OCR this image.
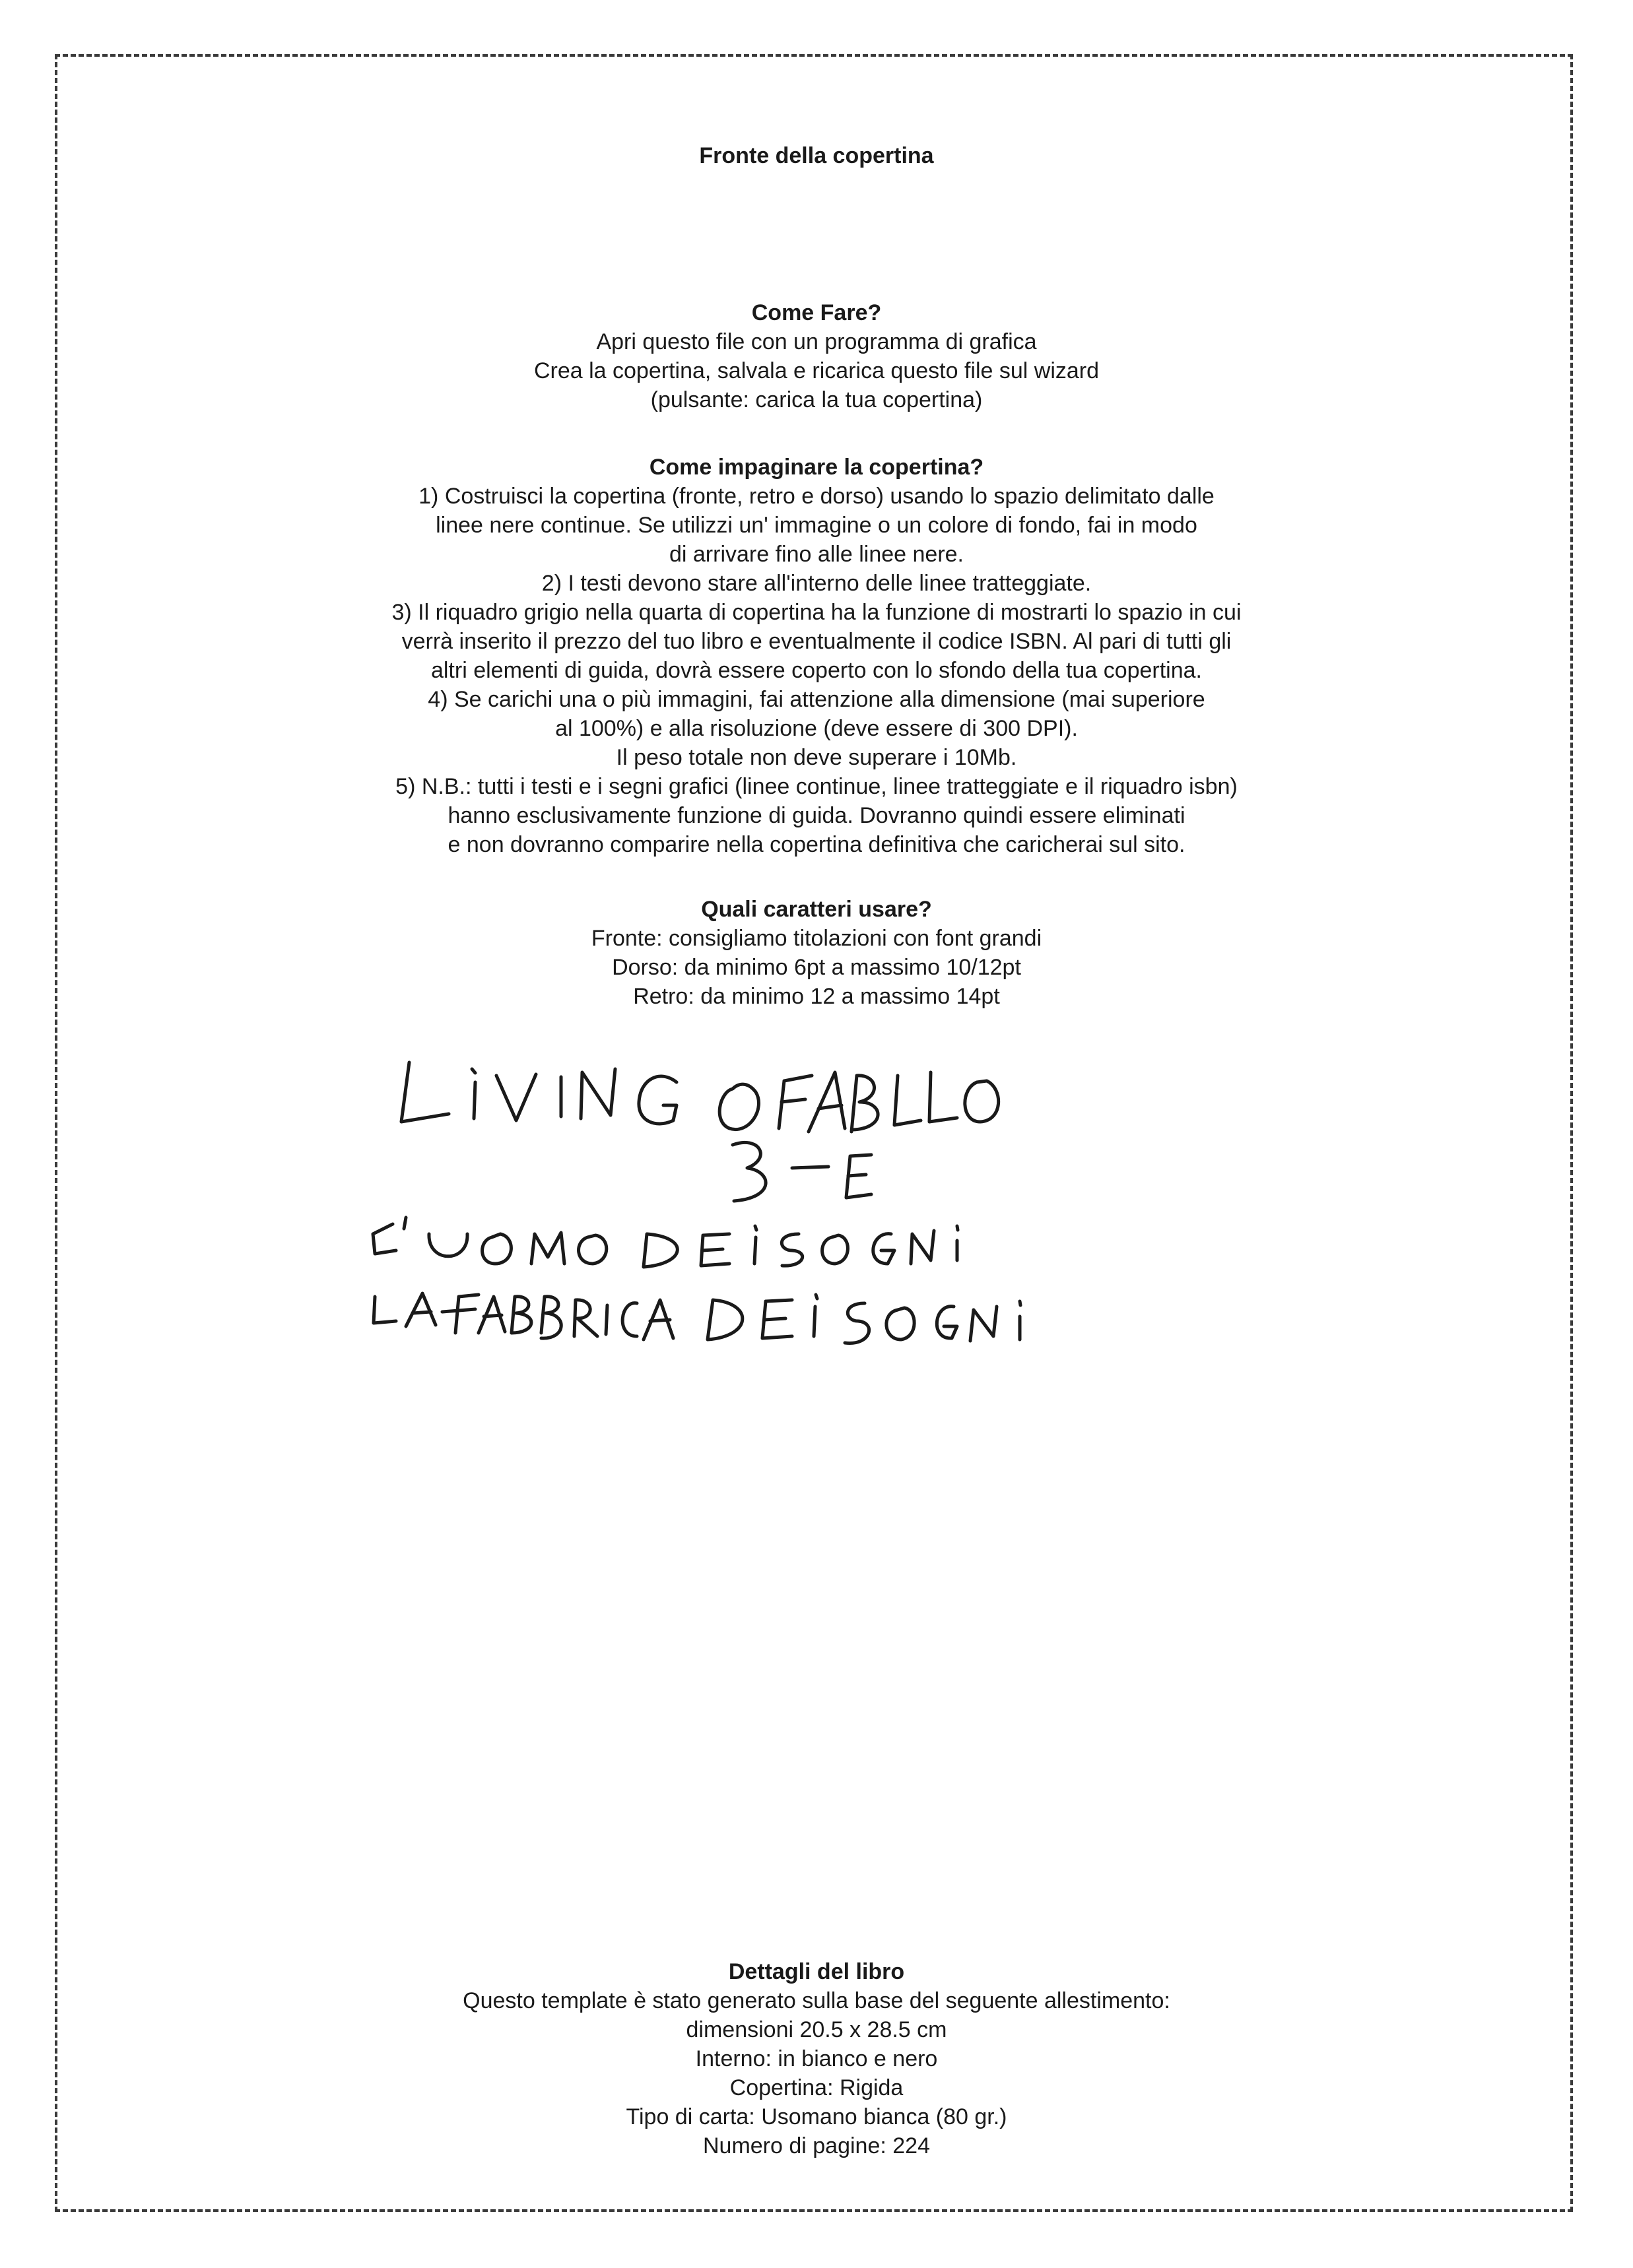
Fronte della copertina
Come Fare?
Apri questo file con un programma di grafica
Crea la copertina, salvala e ricarica questo file sul wizard
(pulsante: carica la tua copertina)
Come impaginare la copertina?
1) Costruisci la copertina (fronte, retro e dorso) usando lo spazio delimitato dalle
linee nere continue. Se utilizzi un' immagine o un colore di fondo, fai in modo
di arrivare fino alle linee nere.
2) I testi devono stare all'interno delle linee tratteggiate.
3) Il riquadro grigio nella quarta di copertina ha la funzione di mostrarti lo spazio in cui
verrà inserito il prezzo del tuo libro e eventualmente il codice ISBN. Al pari di tutti gli
altri elementi di guida, dovrà essere coperto con lo sfondo della tua copertina.
4) Se carichi una o più immagini, fai attenzione alla dimensione (mai superiore
al 100%) e alla risoluzione (deve essere di 300 DPI).
Il peso totale non deve superare i 10Mb.
5) N.B.: tutti i testi e i segni grafici (linee continue, linee tratteggiate e il riquadro isbn)
hanno esclusivamente funzione di guida. Dovranno quindi essere eliminati
e non dovranno comparire nella copertina definitiva che caricherai sul sito.
Quali caratteri usare?
Fronte: consigliamo titolazioni con font grandi
Dorso: da minimo 6pt a massimo 10/12pt
Retro: da minimo 12 a massimo 14pt
Dettagli del libro
Questo template è stato generato sulla base del seguente allestimento:
dimensioni 20.5 x 28.5 cm
Interno: in bianco e nero
Copertina: Rigida
Tipo di carta: Usomano bianca (80 gr.)
Numero di pagine: 224
